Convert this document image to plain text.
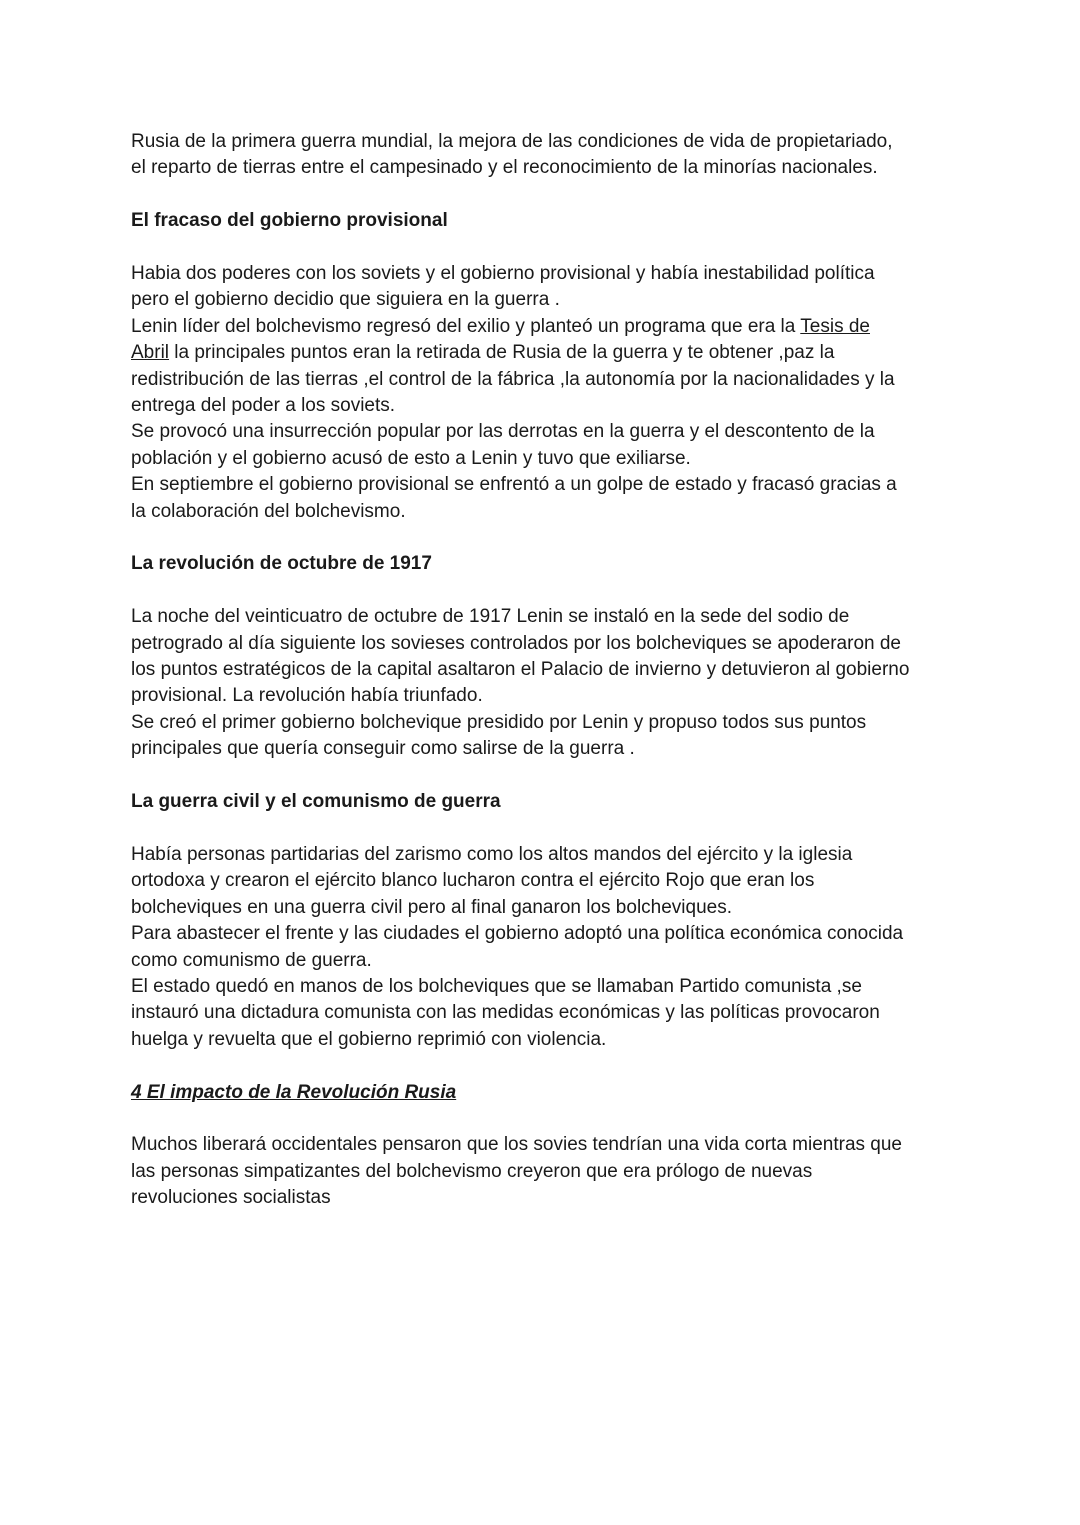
Rusia de la primera guerra mundial, la mejora de las condiciones de vida de propietariado,
el reparto de tierras entre el campesinado y el reconocimiento de la minorías nacionales.
El fracaso del gobierno provisional
Habia dos poderes con los soviets y el gobierno provisional y había inestabilidad política
pero el gobierno decidio que siguiera en la guerra .
Lenin líder del bolchevismo regresó del exilio y planteó un programa que era la Tesis de
Abril la principales puntos eran la retirada de Rusia de la guerra y te obtener ,paz la
redistribución de las tierras ,el control de la fábrica ,la autonomía por la nacionalidades y la
entrega del poder a los soviets.
Se provocó una insurrección popular por las derrotas en la guerra y el descontento de la
población y el gobierno acusó de esto a Lenin y tuvo que exiliarse.
En septiembre el gobierno provisional se enfrentó a un golpe de estado y fracasó gracias a
la colaboración del bolchevismo.
La revolución de octubre de 1917
La noche del veinticuatro de octubre de 1917 Lenin se instaló en la sede del sodio de
petrogrado al día siguiente los sovieses controlados por los bolcheviques se apoderaron de
los puntos estratégicos de la capital asaltaron el Palacio de invierno y detuvieron al gobierno
provisional. La revolución había triunfado.
Se creó el primer gobierno bolchevique presidido por Lenin y propuso todos sus puntos
principales que quería conseguir como salirse de la guerra .
La guerra civil y el comunismo de guerra
Había personas partidarias del zarismo como los altos mandos del ejército y la iglesia
ortodoxa y crearon el ejército blanco lucharon contra el ejército Rojo que eran los
bolcheviques en una guerra civil pero al final ganaron los bolcheviques.
Para abastecer el frente y las ciudades el gobierno adoptó una política económica conocida
como comunismo de guerra.
El estado quedó en manos de los bolcheviques que se llamaban Partido comunista ,se
instauró una dictadura comunista con las medidas económicas y las políticas provocaron
huelga y revuelta que el gobierno reprimió con violencia.
4 El impacto de la Revolución Rusia
Muchos liberará occidentales pensaron que los sovies tendrían una vida corta mientras que
las personas simpatizantes del bolchevismo creyeron que era prólogo de nuevas
revoluciones socialistas
